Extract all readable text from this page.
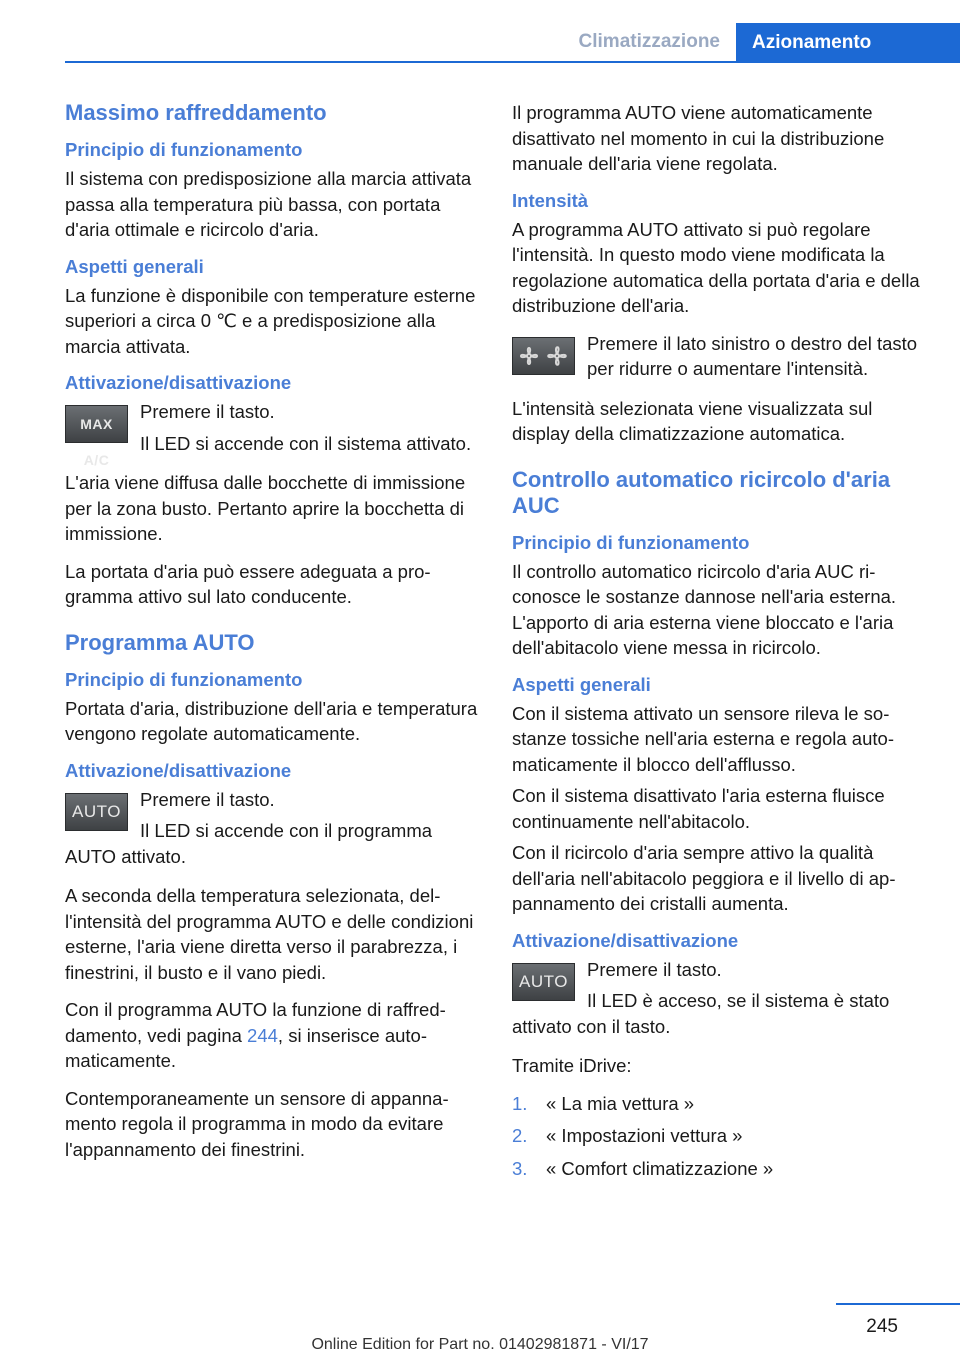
Climatizzazione	Azionamento
Massimo raffreddamento
Principio di funzionamento

Il sistema con predisposizione alla marcia attivata passa alla temperatura più bassa, con portata d'aria ottimale e ricircolo d'aria.

Aspetti generali

La funzione è disponibile con temperature esterne superiori a circa 0 ℃ e a predisposizione alla marcia attivata.

Attivazione/disattivazione
MAX A/C

Premere il tasto.

Il LED si accende con il sistema attivato.

L'aria viene diffusa dalle bocchette di immissione per la zona busto. Pertanto aprire la bocchetta di immissione.

La portata d'aria può essere adeguata a programma attivo sul lato conducente.

Programma AUTO
Principio di funzionamento

Portata d'aria, distribuzione dell'aria e temperatura vengono regolate automaticamente.

Attivazione/disattivazione
AUTO

Premere il tasto.

Il LED si accende con il programma AUTO attivato.

A seconda della temperatura selezionata, dell'intensità del programma AUTO e delle condizioni esterne, l'aria viene diretta verso il parabrezza, i finestrini, il busto e il vano piedi.

Con il programma AUTO la funzione di raffreddamento, vedi pagina 244, si inserisce automaticamente.

Contemporaneamente un sensore di appannamento regola il programma in modo da evitare l'appannamento dei finestrini.

Il programma AUTO viene automaticamente disattivato nel momento in cui la distribuzione manuale dell'aria viene regolata.

Intensità

A programma AUTO attivato si può regolare l'intensità. In questo modo viene modificata la regolazione automatica della portata d'aria e della distribuzione dell'aria.

Premere il lato sinistro o destro del tasto per ridurre o aumentare l'intensità.

L'intensità selezionata viene visualizzata sul display della climatizzazione automatica.

Controllo automatico ricircolo d'aria AUC
Principio di funzionamento

Il controllo automatico ricircolo d'aria AUC riconosce le sostanze dannose nell'aria esterna. L'apporto di aria esterna viene bloccato e l'aria dell'abitacolo viene messa in ricircolo.

Aspetti generali

Con il sistema attivato un sensore rileva le sostanze tossiche nell'aria esterna e regola automaticamente il blocco dell'afflusso.

Con il sistema disattivato l'aria esterna fluisce continuamente nell'abitacolo.

Con il ricircolo d'aria sempre attivo la qualità dell'aria nell'abitacolo peggiora e il livello di appannamento dei cristalli aumenta.

Attivazione/disattivazione
AUTO

Premere il tasto.

Il LED è acceso, se il sistema è stato attivato con il tasto.

Tramite iDrive:

1. « La mia vettura »
2. « Impostazioni vettura »
3. « Comfort climatizzazione »
245
Online Edition for Part no. 01402981871 - VI/17
